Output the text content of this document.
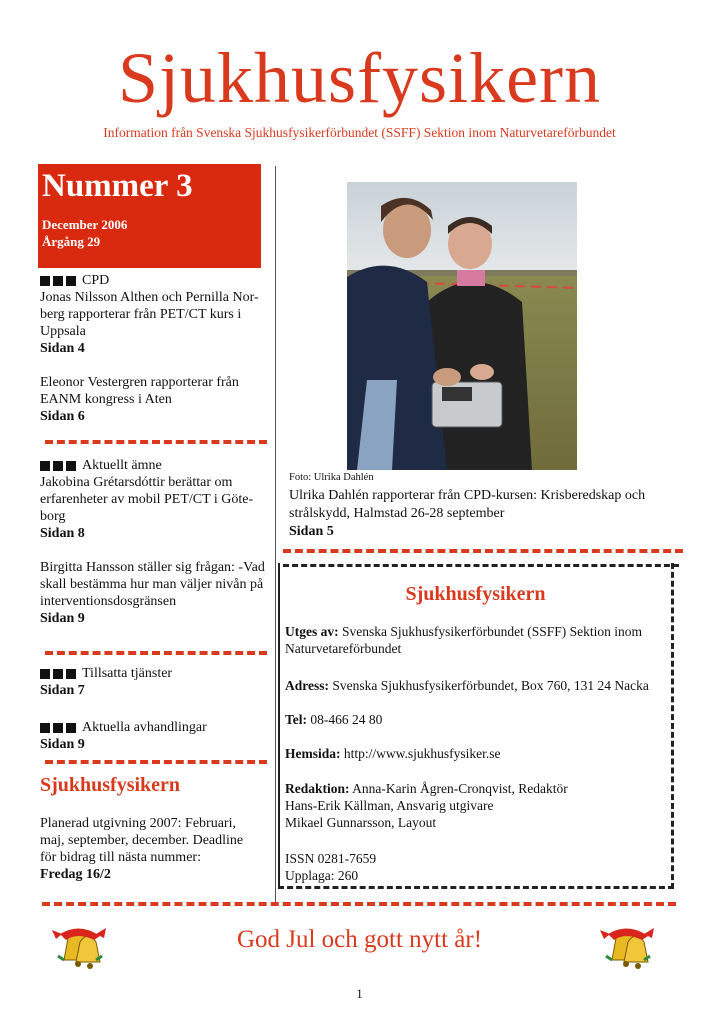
Sjukhusfysikern
Information från Svenska Sjukhusfysikerförbundet (SSFF) Sektion inom Naturvetareförbundet
Nummer 3
December 2006
Årgång 29
CPD
Jonas Nilsson Althen och Pernilla Nor-berg rapporterar från PET/CT kurs i Uppsala
Sidan 4
Eleonor Vestergren rapporterar från EANM kongress i Aten
Sidan 6
Aktuellt ämne
Jakobina Grétarsdóttir berättar om erfarenheter av mobil PET/CT i Göte-borg
Sidan 8
Birgitta Hansson ställer sig frågan: -Vad skall bestämma hur man väljer nivån på interventionsdosgränsen
Sidan 9
Tillsatta tjänster
Sidan 7
Aktuella avhandlingar
Sidan 9
Sjukhusfysikern
Planerad utgivning 2007: Februari, maj, september, december. Deadline för bidrag till nästa nummer:
Fredag 16/2
Foto: Ulrika Dahlén
Ulrika Dahlén rapporterar från CPD-kursen: Krisberedskap och strålskydd, Halmstad 26-28 september
Sidan 5
Sjukhusfysikern
Utges av: Svenska Sjukhusfysikerförbundet (SSFF) Sektion inom Naturvetareförbundet
Adress: Svenska Sjukhusfysikerförbundet, Box 760, 131 24 Nacka
Tel: 08-466 24 80
Hemsida: http://www.sjukhusfysiker.se
Redaktion: Anna-Karin Ågren-Cronqvist, Redaktör
Hans-Erik Källman, Ansvarig utgivare
Mikael Gunnarsson, Layout
ISSN 0281-7659
Upplaga: 260
God Jul och gott nytt år!
1
